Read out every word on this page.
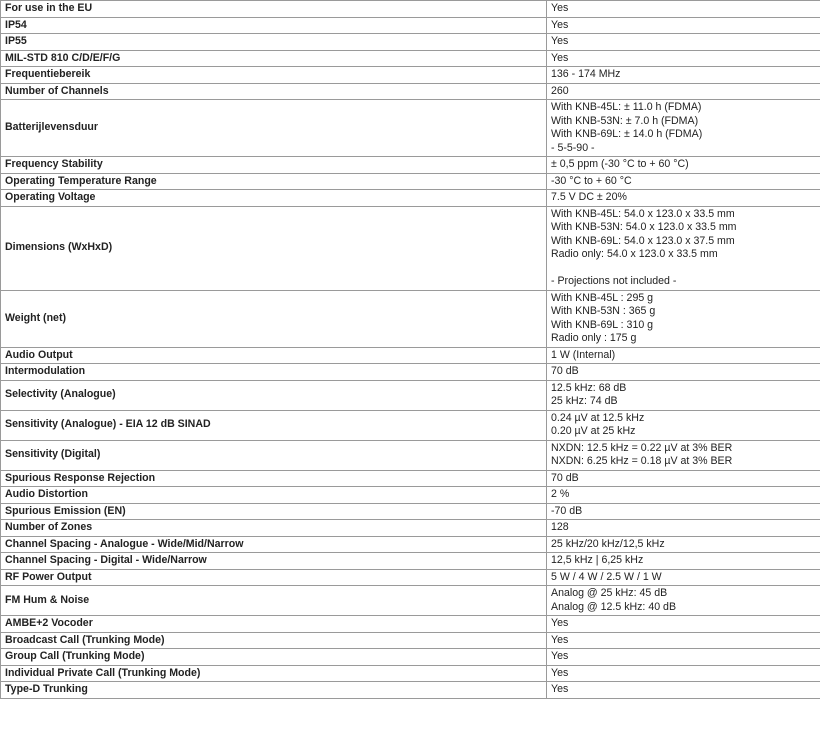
For use in the EU	Yes

IP54	Yes

IP55	Yes

MIL-STD 810 C/D/E/F/G	Yes

Frequentiebereik	136 - 174 MHz

Number of Channels	260

Batterijlevensduur	With KNB-45L: ± 11.0 h (FDMA)
With KNB-53N: ± 7.0 h (FDMA)
With KNB-69L: ± 14.0 h (FDMA)
- 5-5-90 -

Frequency Stability	± 0,5 ppm (-30 °C to + 60 °C)

Operating Temperature Range	-30 °C to + 60 °C

Operating Voltage	7.5 V DC ± 20%

Dimensions (WxHxD)	With KNB-45L: 54.0 x 123.0 x 33.5 mm
With KNB-53N: 54.0 x 123.0 x 33.5 mm
With KNB-69L: 54.0 x 123.0 x 37.5 mm
Radio only: 54.0 x 123.0 x 33.5 mm

- Projections not included -

Weight (net)	With KNB-45L : 295 g
With KNB-53N : 365 g
With KNB-69L : 310 g
Radio only : 175 g

Audio Output	1 W (Internal)

Intermodulation	70 dB

Selectivity (Analogue)	12.5 kHz: 68 dB
25 kHz: 74 dB

Sensitivity (Analogue) - EIA 12 dB SINAD	0.24 µV at 12.5 kHz
0.20 µV at 25 kHz

Sensitivity (Digital)	NXDN: 12.5 kHz = 0.22 µV at 3% BER
NXDN: 6.25 kHz = 0.18 µV at 3% BER

Spurious Response Rejection	70 dB

Audio Distortion	2 %

Spurious Emission (EN)	-70 dB

Number of Zones	128

Channel Spacing - Analogue - Wide/Mid/Narrow	25 kHz/20 kHz/12,5 kHz

Channel Spacing - Digital - Wide/Narrow	12,5 kHz | 6,25 kHz

RF Power Output	5 W / 4 W / 2.5 W / 1 W

FM Hum & Noise	Analog @ 25 kHz: 45 dB
Analog @ 12.5 kHz: 40 dB

AMBE+2 Vocoder	Yes

Broadcast Call (Trunking Mode)	Yes

Group Call (Trunking Mode)	Yes

Individual Private Call (Trunking Mode)	Yes

Type-D Trunking	Yes
